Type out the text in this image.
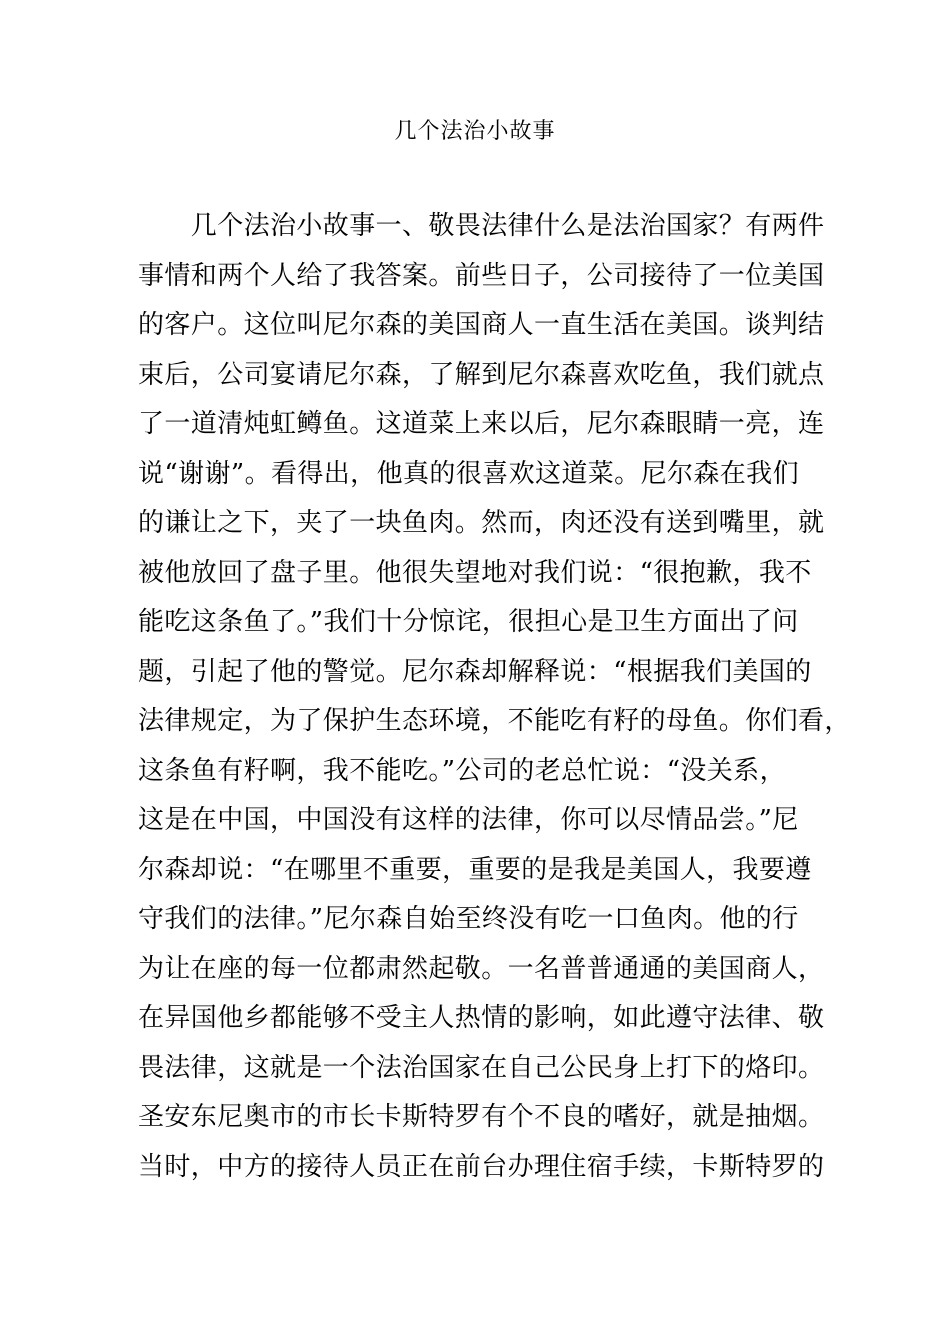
几个法治小故事
　　几个法治小故事一、敬畏法律什么是法治国家？有两件
事情和两个人给了我答案。前些日子，公司接待了一位美国
的客户。这位叫尼尔森的美国商人一直生活在美国。谈判结
束后，公司宴请尼尔森，了解到尼尔森喜欢吃鱼，我们就点
了一道清炖虹鳟鱼。这道菜上来以后，尼尔森眼睛一亮，连
说“谢谢”。看得出，他真的很喜欢这道菜。尼尔森在我们
的谦让之下，夹了一块鱼肉。然而，肉还没有送到嘴里，就
被他放回了盘子里。他很失望地对我们说：“很抱歉，我不
能吃这条鱼了。”我们十分惊诧，很担心是卫生方面出了问
题，引起了他的警觉。尼尔森却解释说：“根据我们美国的
法律规定，为了保护生态环境，不能吃有籽的母鱼。你们看，
这条鱼有籽啊，我不能吃。”公司的老总忙说：“没关系，
这是在中国，中国没有这样的法律，你可以尽情品尝。”尼
尔森却说：“在哪里不重要，重要的是我是美国人，我要遵
守我们的法律。”尼尔森自始至终没有吃一口鱼肉。他的行
为让在座的每一位都肃然起敬。一名普普通通的美国商人，
在异国他乡都能够不受主人热情的影响，如此遵守法律、敬
畏法律，这就是一个法治国家在自己公民身上打下的烙印。
圣安东尼奥市的市长卡斯特罗有个不良的嗜好，就是抽烟。
当时，中方的接待人员正在前台办理住宿手续，卡斯特罗的
